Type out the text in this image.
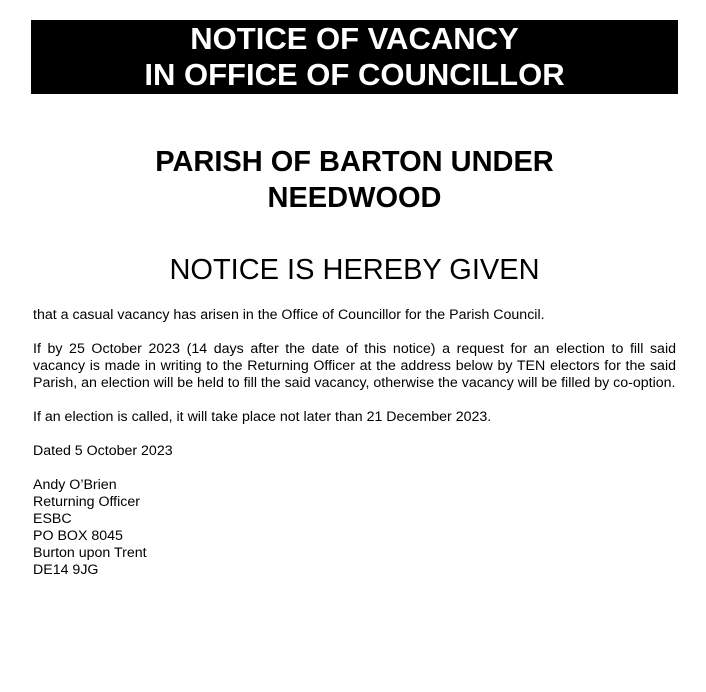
NOTICE OF VACANCY
IN OFFICE OF COUNCILLOR
PARISH OF BARTON UNDER
NEEDWOOD
NOTICE IS HEREBY GIVEN

that a casual vacancy has arisen in the Office of Councillor for the Parish Council.

If by 25 October 2023 (14 days after the date of this notice) a request for an election to fill said vacancy is made in writing to the Returning Officer at the address below by TEN electors for the said Parish, an election will be held to fill the said vacancy, otherwise the vacancy will be filled by co-option.

If an election is called, it will take place not later than 21 December 2023.

Dated 5 October 2023

Andy O’Brien
Returning Officer
ESBC
PO BOX 8045
Burton upon Trent
DE14 9JG
